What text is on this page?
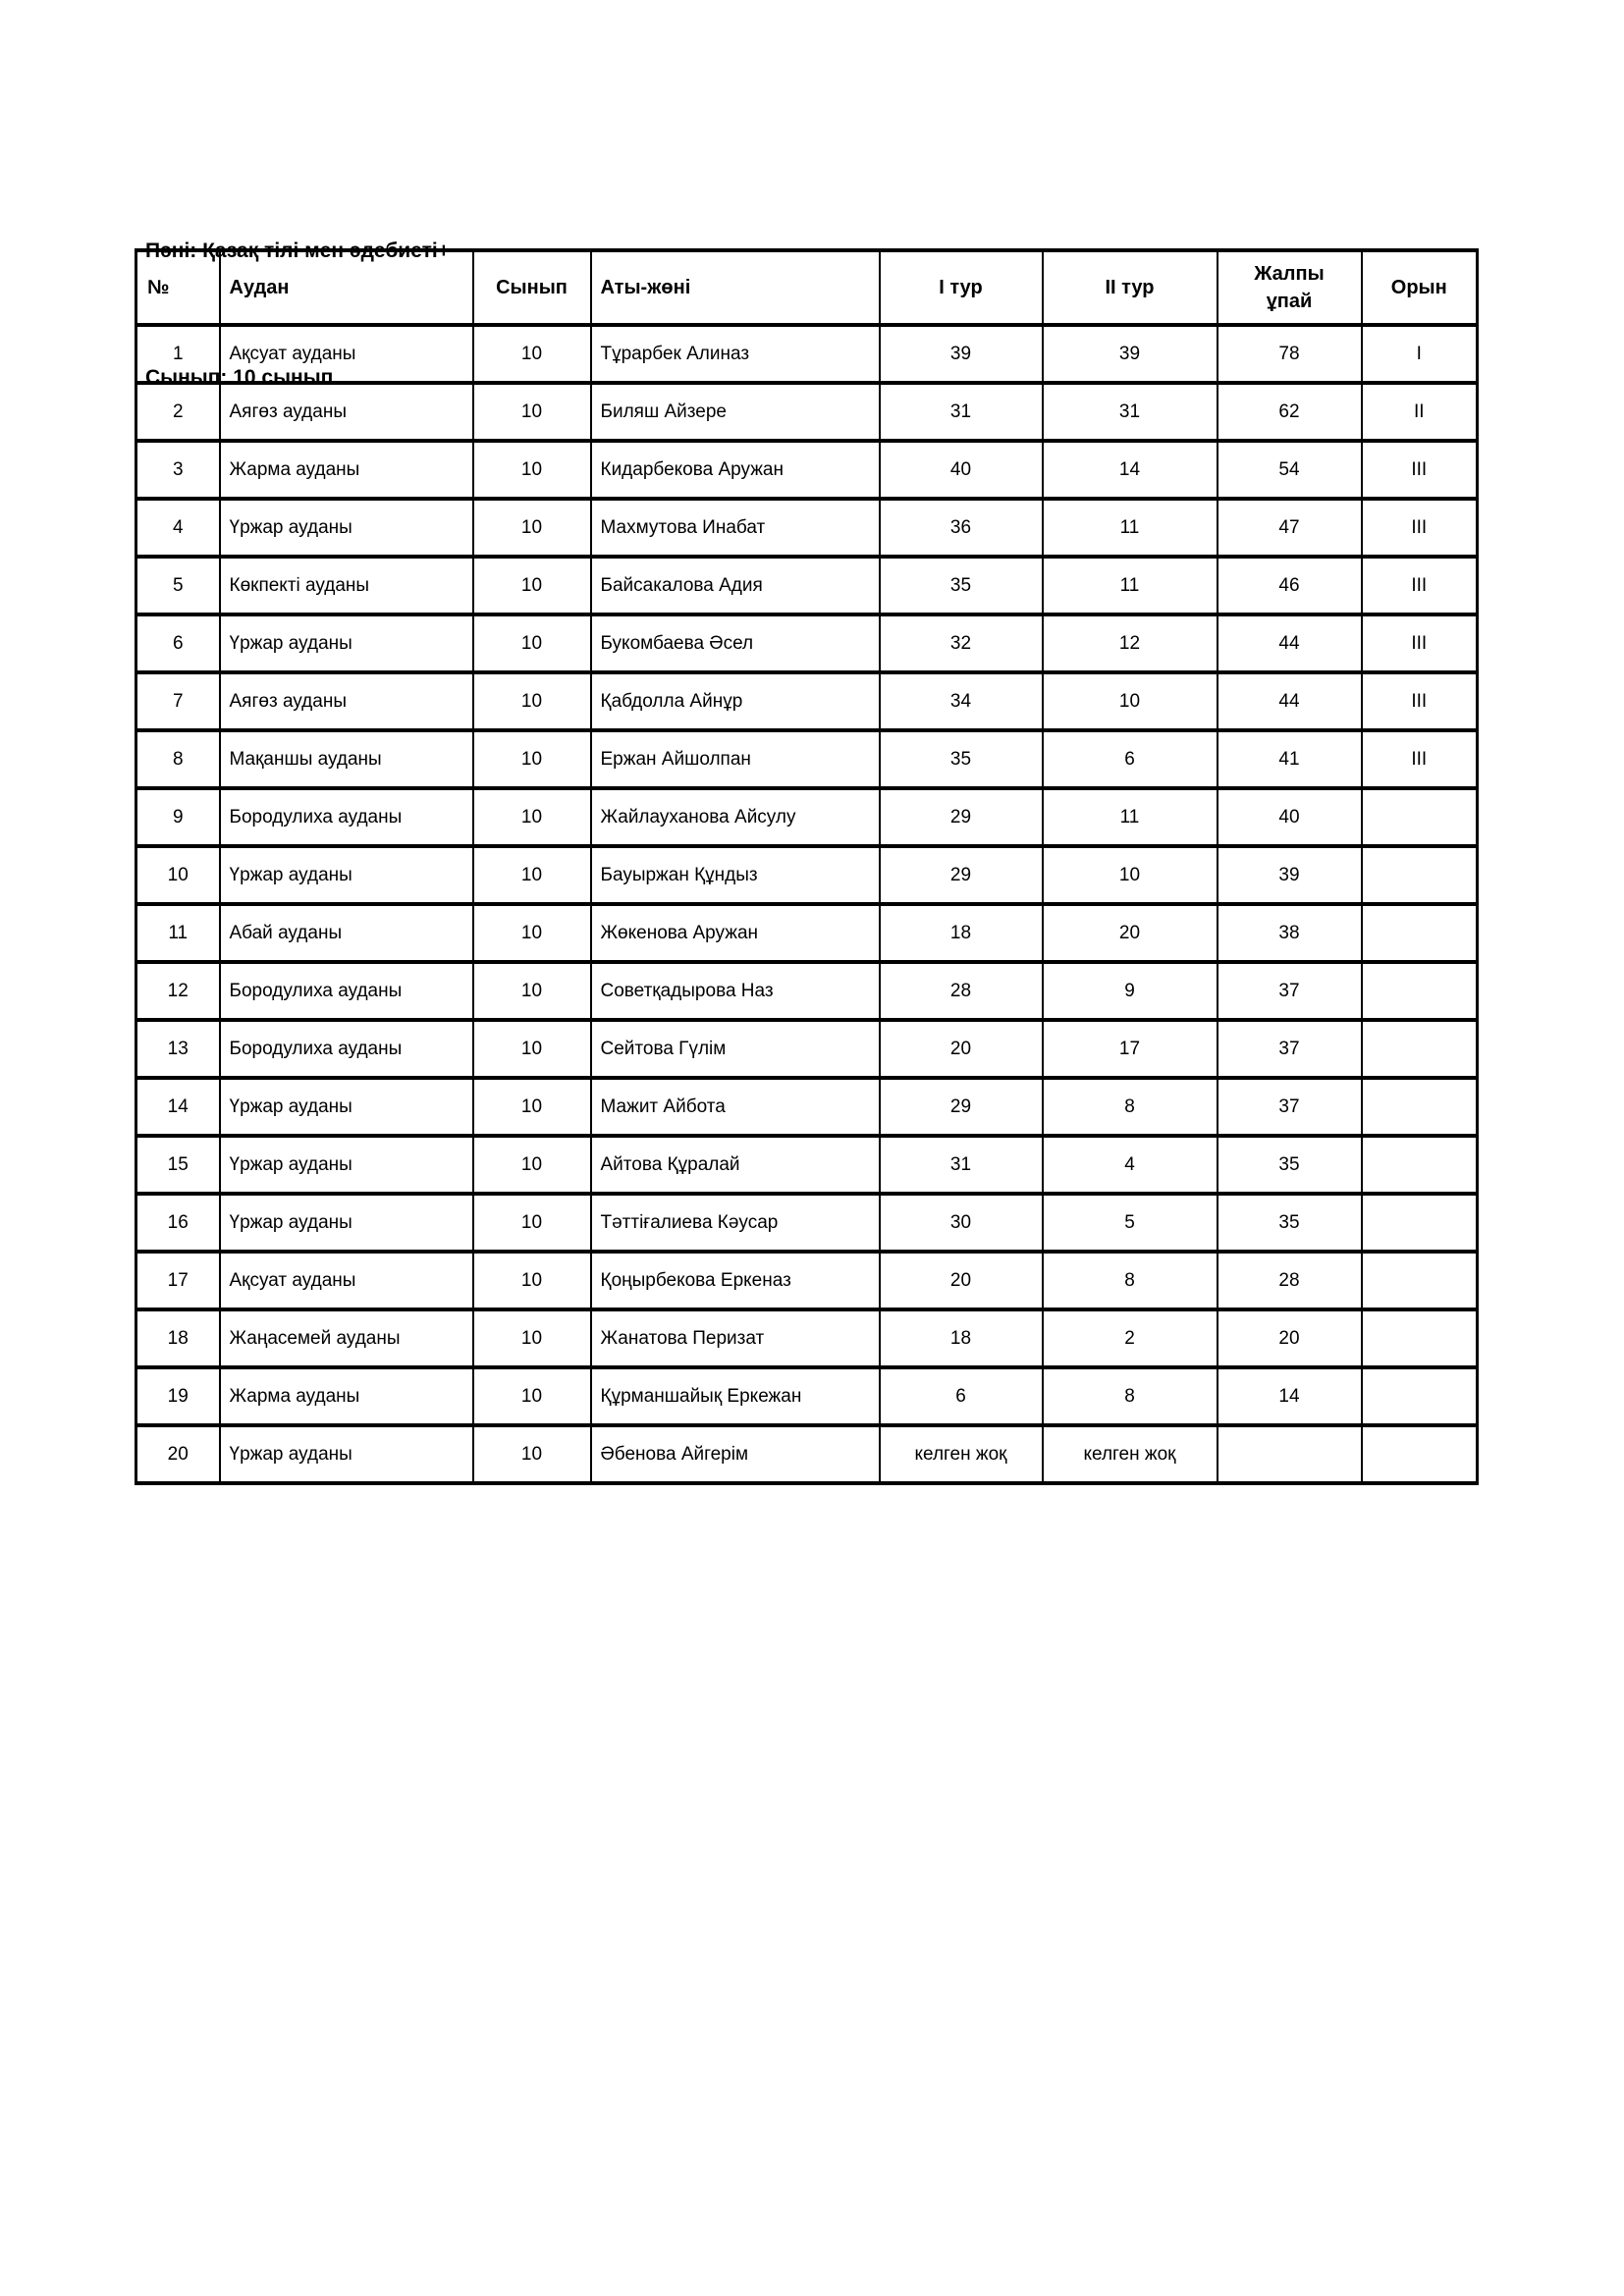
Пәні: Қазақ тілі мен әдебиеті+

Сынып: 10 сынып

№	Аудан	Сынып	Аты-жөні	I тур	II тур	Жалпы ұпай	Орын
1	Ақсуат ауданы	10	Тұрарбек Алиназ	39	39	78	I
2	Аягөз ауданы	10	Биляш Айзере	31	31	62	II
3	Жарма ауданы	10	Кидарбекова Аружан	40	14	54	III
4	Үржар ауданы	10	Махмутова Инабат	36	11	47	III
5	Көкпекті ауданы	10	Байсакалова Адия	35	11	46	III
6	Үржар ауданы	10	Букомбаева Әсел	32	12	44	III
7	Аягөз ауданы	10	Қабдолла Айнұр	34	10	44	III
8	Мақаншы ауданы	10	Ержан Айшолпан	35	6	41	III
9	Бородулиха ауданы	10	Жайлауханова Айсулу	29	11	40	
10	Үржар ауданы	10	Бауыржан Құндыз	29	10	39	
11	Абай ауданы	10	Жөкенова Аружан	18	20	38	
12	Бородулиха ауданы	10	Советқадырова Наз	28	9	37	
13	Бородулиха ауданы	10	Сейтова Гүлім	20	17	37	
14	Үржар ауданы	10	Мажит Айбота	29	8	37	
15	Үржар ауданы	10	Айтова Құралай	31	4	35	
16	Үржар ауданы	10	Тәттіғалиева Кәусар	30	5	35	
17	Ақсуат ауданы	10	Қоңырбекова Еркеназ	20	8	28	
18	Жаңасемей ауданы	10	Жанатова Перизат	18	2	20	
19	Жарма ауданы	10	Құрманшайық Еркежан	6	8	14	
20	Үржар ауданы	10	Әбенова Айгерім	келген жоқ	келген жоқ		
